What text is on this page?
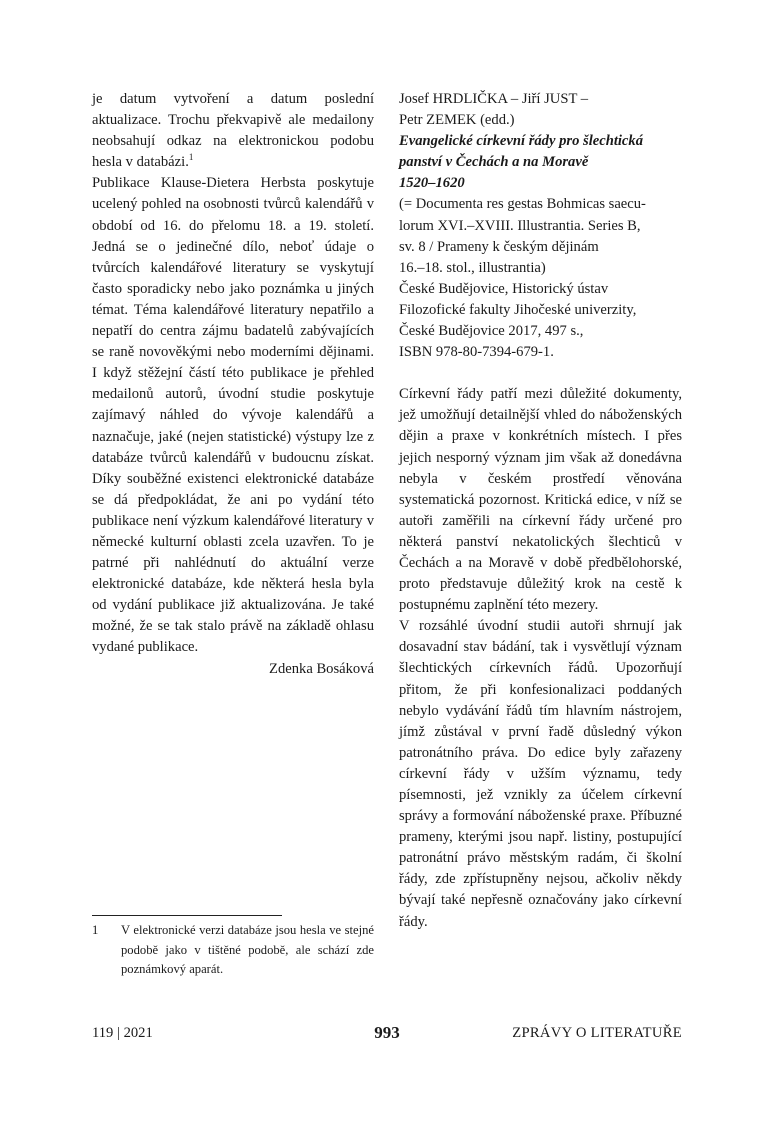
je datum vytvoření a datum poslední aktualizace. Trochu překvapivě ale medailony neobsahují odkaz na elektronickou podobu hesla v databázi.$^1$

Publikace Klause-Dietera Herbsta poskytuje ucelený pohled na osobnosti tvůrců kalendářů v období od 16. do přelomu 18. a 19. století. Jedná se o jedinečné dílo, neboť údaje o tvůrcích kalendářové literatury se vyskytují často sporadicky nebo jako poznámka u jiných témat. Téma kalendářové literatury nepatřilo a nepatří do centra zájmu badatelů zabývajících se raně novověkými nebo moderními dějinami. I když stěžejní částí této publikace je přehled medailonů autorů, úvodní studie poskytuje zajímavý náhled do vývoje kalendářů a naznačuje, jaké (nejen statistické) výstupy lze z databáze tvůrců kalendářů v budoucnu získat. Díky souběžné existenci elektronické databáze se dá předpokládat, že ani po vydání této publikace není výzkum kalendářové literatury v německé kulturní oblasti zcela uzavřen. To je patrné při nahlédnutí do aktuální verze elektronické databáze, kde některá hesla byla od vydání publikace již aktualizována. Je také možné, že se tak stalo právě na základě ohlasu vydané publikace.

Zdenka Bosáková

Josef HRDLIČKA – Jiří JUST –
Petr ZEMEK (edd.)
Evangelické církevní řády pro šlechtická
panství v Čechách a na Moravě
1520–1620
(= Documenta res gestas Bohmicas saecu-
lorum XVI.–XVIII. Illustrantia. Series B,
sv. 8 / Prameny k českým dějinám
16.–18. stol., illustrantia)
České Budějovice, Historický ústav
Filozofické fakulty Jihočeské univerzity,
České Budějovice 2017, 497 s.,
ISBN 978-80-7394-679-1.

Církevní řády patří mezi důležité dokumenty, jež umožňují detailnější vhled do náboženských dějin a praxe v konkrétních místech. I přes jejich nesporný význam jim však až donedávna nebyla v českém prostředí věnována systematická pozornost. Kritická edice, v níž se autoři zaměřili na církevní řády určené pro některá panství nekatolických šlechticů v Čechách a na Moravě v době předbělohorské, proto představuje důležitý krok na cestě k postupnému zaplnění této mezery.

V rozsáhlé úvodní studii autoři shrnují jak dosavadní stav bádání, tak i vysvětlují význam šlechtických církevních řádů. Upozorňují přitom, že při konfesionalizaci poddaných nebylo vydávání řádů tím hlavním nástrojem, jímž zůstával v první řadě důsledný výkon patronátního práva. Do edice byly zařazeny církevní řády v užším významu, tedy písemnosti, jež vznikly za účelem církevní správy a formování náboženské praxe. Příbuzné prameny, kterými jsou např. listiny, postupující patronátní právo městským radám, či školní řády, zde zpřístupněny nejsou, ačkoliv někdy bývají také nepřesně označovány jako církevní řády.

1 V elektronické verzi databáze jsou hesla ve stejné podobě jako v tištěné podobě, ale schází zde poznámkový aparát.
119 | 2021	993	ZPRÁVY O LITERATUŘE
